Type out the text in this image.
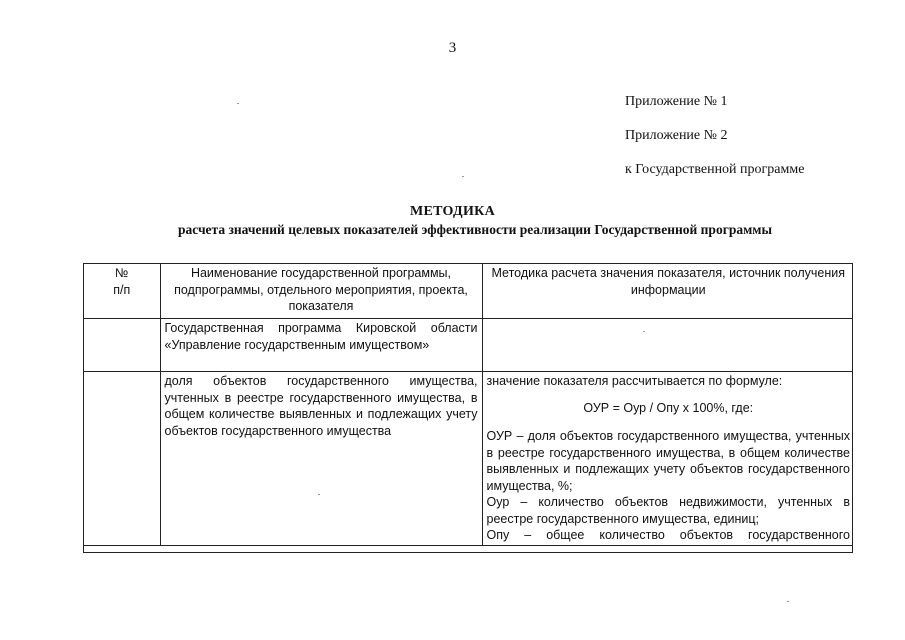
3
Приложение № 1
Приложение № 2
к Государственной программе
МЕТОДИКА
расчета значений целевых показателей эффективности реализации Государственной программы
№
п/п	Наименование государственной программы, подпрограммы, отдельного мероприятия, проекта, показателя	Методика расчета значения показателя, источник получения информации
	Государственная программа Кировской области «Управление государственным имуществом»	
	доля объектов государственного имущества, учтенных в реестре государственного имущества, в общем количестве выявленных и подлежащих учету объектов государственного имущества	значение показателя рассчитывается по формуле:
ОУР = Оур / Опу х 100%, где:
ОУР – доля объектов государственного имущества, учтенных в реестре государственного имущества, в общем количестве выявленных и подлежащих учету объектов государственного имущества, %;
Оур – количество объектов недвижимости, учтенных в реестре государственного имущества, единиц;
Опу – общее количество объектов государственного
